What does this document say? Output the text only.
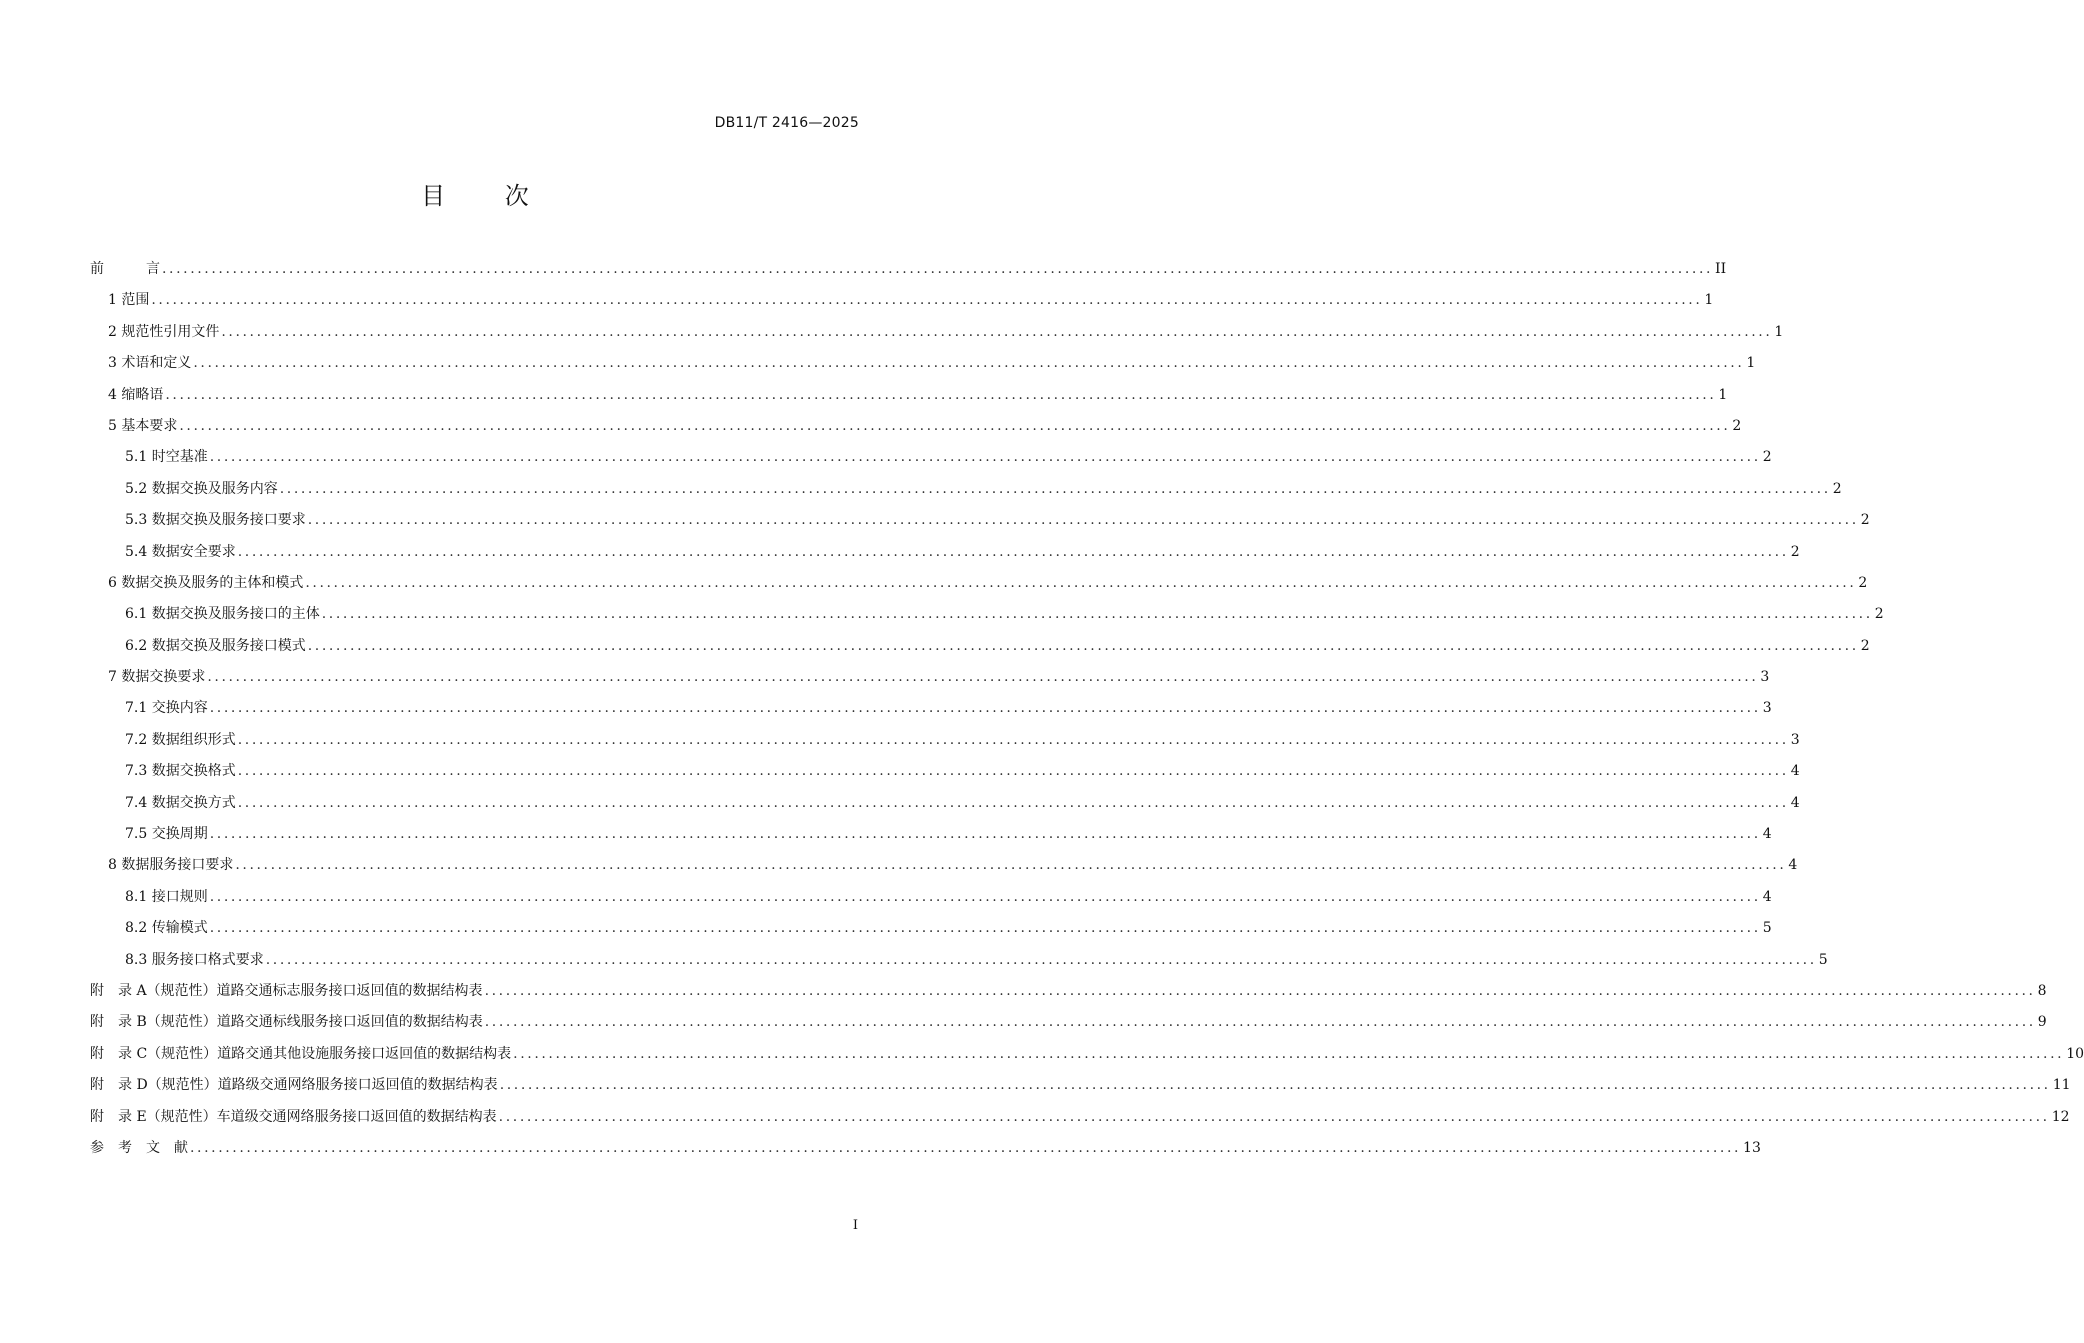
DB11/T 2416—2025
目 次
前　　　言 ............................................................................................................................................................................................................................ II
1 范围 ............................................................................................................................................................................................................................ 1
2 规范性引用文件 ............................................................................................................................................................................................................................ 1
3 术语和定义 ............................................................................................................................................................................................................................ 1
4 缩略语 ............................................................................................................................................................................................................................ 1
5 基本要求 ............................................................................................................................................................................................................................ 2
5.1 时空基准 ............................................................................................................................................................................................................................ 2
5.2 数据交换及服务内容 ............................................................................................................................................................................................................................ 2
5.3 数据交换及服务接口要求 ............................................................................................................................................................................................................................ 2
5.4 数据安全要求 ............................................................................................................................................................................................................................ 2
6 数据交换及服务的主体和模式 ............................................................................................................................................................................................................................ 2
6.1 数据交换及服务接口的主体 ............................................................................................................................................................................................................................ 2
6.2 数据交换及服务接口模式 ............................................................................................................................................................................................................................ 2
7 数据交换要求 ............................................................................................................................................................................................................................ 3
7.1 交换内容 ............................................................................................................................................................................................................................ 3
7.2 数据组织形式 ............................................................................................................................................................................................................................ 3
7.3 数据交换格式 ............................................................................................................................................................................................................................ 4
7.4 数据交换方式 ............................................................................................................................................................................................................................ 4
7.5 交换周期 ............................................................................................................................................................................................................................ 4
8 数据服务接口要求 ............................................................................................................................................................................................................................ 4
8.1 接口规则 ............................................................................................................................................................................................................................ 4
8.2 传输模式 ............................................................................................................................................................................................................................ 5
8.3 服务接口格式要求 ............................................................................................................................................................................................................................ 5
附　录 A（规范性）道路交通标志服务接口返回值的数据结构表 ............................................................................................................................................................................................................................ 8
附　录 B（规范性）道路交通标线服务接口返回值的数据结构表 ............................................................................................................................................................................................................................ 9
附　录 C（规范性）道路交通其他设施服务接口返回值的数据结构表 ............................................................................................................................................................................................................................ 10
附　录 D（规范性）道路级交通网络服务接口返回值的数据结构表 ............................................................................................................................................................................................................................ 11
附　录 E（规范性）车道级交通网络服务接口返回值的数据结构表 ............................................................................................................................................................................................................................ 12
参　考　文　献 ............................................................................................................................................................................................................................ 13
I
